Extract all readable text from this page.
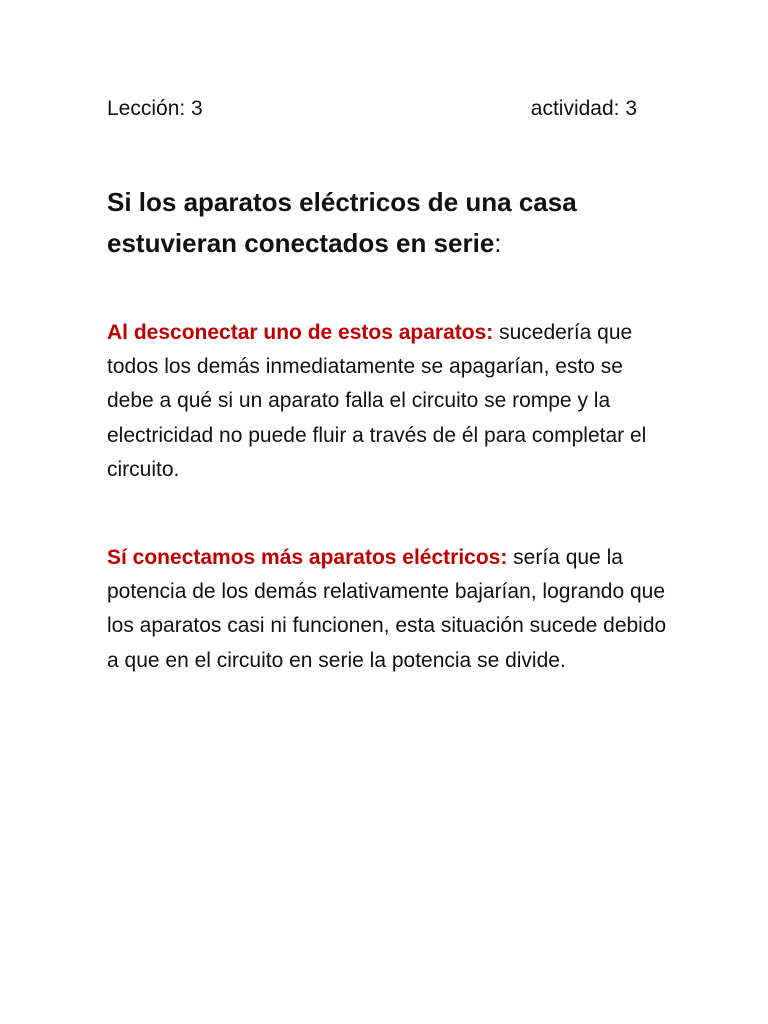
Lección: 3	actividad: 3
Si los aparatos eléctricos de una casa estuvieran conectados en serie:

Al desconectar uno de estos aparatos: sucedería que todos los demás inmediatamente se apagarían, esto se debe a qué si un aparato falla el circuito se rompe y la electricidad no puede fluir a través de él para completar el circuito.

Sí conectamos más aparatos eléctricos: sería que la potencia de los demás relativamente bajarían, logrando que los aparatos casi ni funcionen, esta situación sucede debido a que en el circuito en serie la potencia se divide.
